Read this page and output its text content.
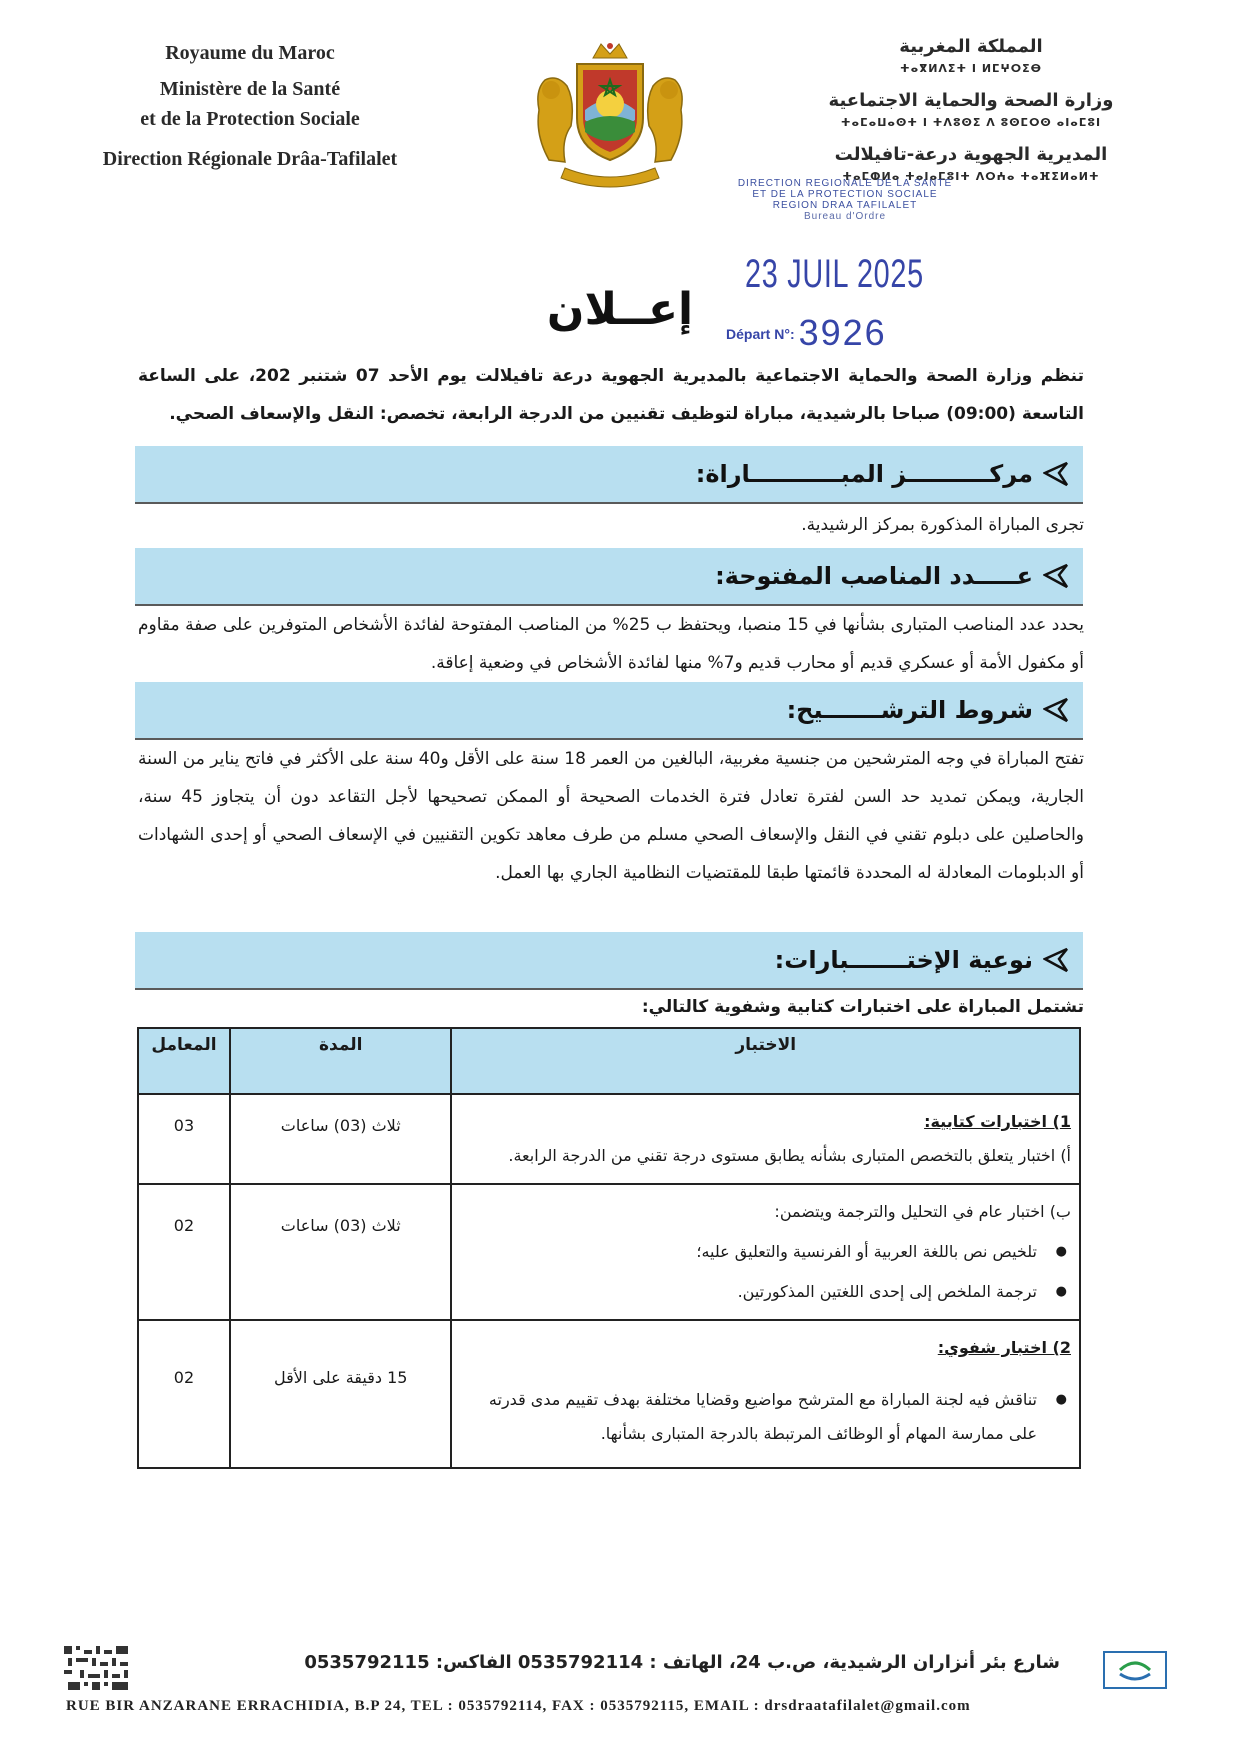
Royaume du Maroc
Ministère de la Santé
et de la Protection Sociale
Direction Régionale Drâa-Tafilalet
المملكة المغربية
ⵜⴰⴳⵍⴷⵉⵜ ⵏ ⵍⵎⵖⵔⵉⴱ
وزارة الصحة والحماية الاجتماعية
ⵜⴰⵎⴰⵡⴰⵙⵜ ⵏ ⵜⴷⵓⵙⵉ ⴷ ⵓⵙⵎⵔⵙ ⴰⵏⴰⵎⵓⵏ
المديرية الجهوية درعة-تافيلالت
ⵜⴰⵎⵀⵍⴰ ⵜⴰⵏⴰⵎⵓⵏⵜ ⴷⵔⵄⴰ ⵜⴰⴼⵉⵍⴰⵍⵜ
DIRECTION REGIONALE DE LA SANTE
ET DE LA PROTECTION SOCIALE
REGION DRAA TAFILALET
Bureau d'Ordre
23 JUIL 2025
Départ N°: 3926
إعــلان
تنظم وزارة الصحة والحماية الاجتماعية بالمديرية الجهوية درعة تافيلالت يوم الأحد 07 شتنبر 202، على الساعة التاسعة (09:00) صباحا بالرشيدية، مباراة لتوظيف تقنيين من الدرجة الرابعة، تخصص: النقل والإسعاف الصحي.
مركــــــــــز المبـــــــــــاراة:
تجرى المباراة المذكورة بمركز الرشيدية.
عـــــدد المناصب المفتوحة:
يحدد عدد المناصب المتبارى بشأنها في 15 منصبا، ويحتفظ ب 25% من المناصب المفتوحة لفائدة الأشخاص المتوفرين على صفة مقاوم أو مكفول الأمة أو عسكري قديم أو محارب قديم و7% منها لفائدة الأشخاص في وضعية إعاقة.
شروط الترشـــــــيح:
تفتح المباراة في وجه المترشحين من جنسية مغربية، البالغين من العمر 18 سنة على الأقل و40 سنة على الأكثر في فاتح يناير من السنة الجارية، ويمكن تمديد حد السن لفترة تعادل فترة الخدمات الصحيحة أو الممكن تصحيحها لأجل التقاعد دون أن يتجاوز 45 سنة، والحاصلين على دبلوم تقني في النقل والإسعاف الصحي مسلم من طرف معاهد تكوين التقنيين في الإسعاف الصحي أو إحدى الشهادات أو الدبلومات المعادلة له المحددة قائمتها طبقا للمقتضيات النظامية الجاري بها العمل.
نوعية الإختـــــــبارات:
تشتمل المباراة على اختبارات كتابية وشفوية كالتالي:
الاختبار	المدة	المعامل

1) اختبارات كتابية:
أ) اختبار يتعلق بالتخصص المتبارى بشأنه يطابق مستوى درجة تقني من الدرجة الرابعة.	ثلاث (03) ساعات	03

ب) اختبار عام في التحليل والترجمة ويتضمن:
● تلخيص نص باللغة العربية أو الفرنسية والتعليق عليه؛
● ترجمة الملخص إلى إحدى اللغتين المذكورتين.	ثلاث (03) ساعات	02

2) اختبار شفوي:
● تناقش فيه لجنة المباراة مع المترشح مواضيع وقضايا مختلفة بهدف تقييم مدى قدرته على ممارسة المهام أو الوظائف المرتبطة بالدرجة المتبارى بشأنها.	15 دقيقة على الأقل	02
شارع بئر أنزاران الرشيدية، ص.ب 24، الهاتف : 0535792114 الفاكس: 0535792115
RUE BIR ANZARANE ERRACHIDIA, B.P 24, TEL : 0535792114, FAX : 0535792115, EMAIL : drsdraatafilalet@gmail.com
